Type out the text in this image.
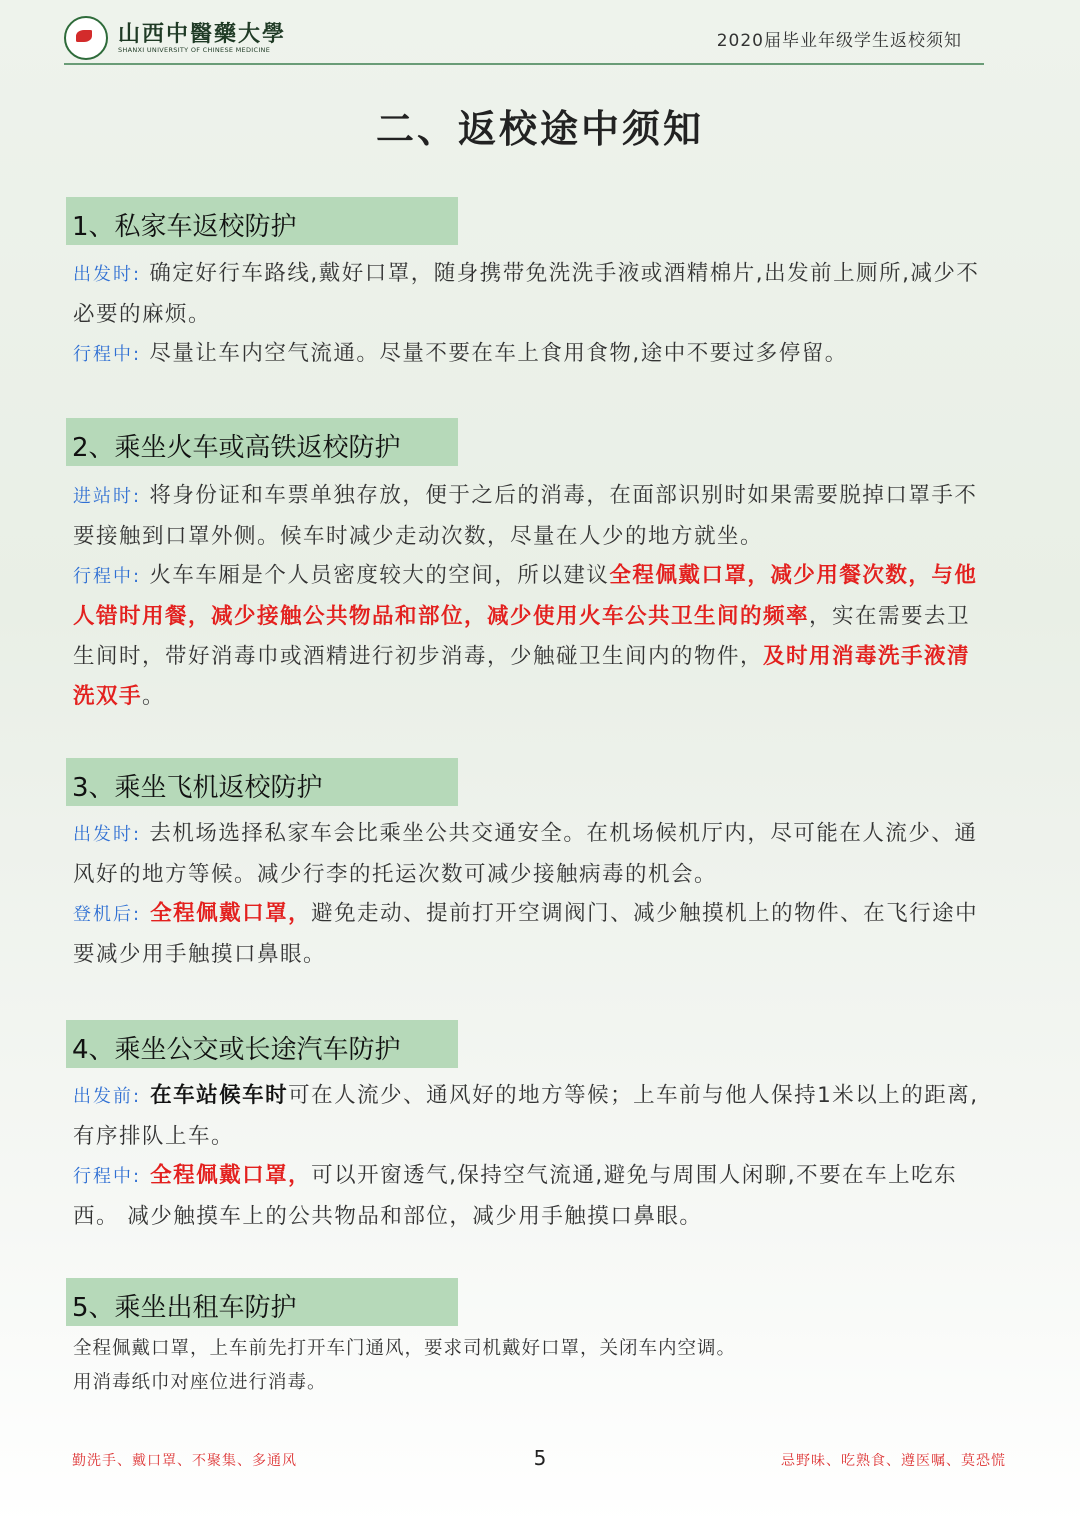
山西中醫藥大學
SHANXI UNIVERSITY OF CHINESE MEDICINE	2020届毕业年级学生返校须知
二、返校途中须知
1、私家车返校防护
出发时: 确定好行车路线,戴好口罩，随身携带免洗洗手液或酒精棉片,出发前上厕所,减少不必要的麻烦。
行程中: 尽量让车内空气流通。尽量不要在车上食用食物,途中不要过多停留。
2、乘坐火车或高铁返校防护
进站时: 将身份证和车票单独存放，便于之后的消毒，在面部识别时如果需要脱掉口罩手不要接触到口罩外侧。候车时减少走动次数，尽量在人少的地方就坐。
行程中: 火车车厢是个人员密度较大的空间，所以建议全程佩戴口罩，减少用餐次数，与他人错时用餐，减少接触公共物品和部位，减少使用火车公共卫生间的频率，实在需要去卫生间时，带好消毒巾或酒精进行初步消毒，少触碰卫生间内的物件，及时用消毒洗手液清洗双手。
3、乘坐飞机返校防护
出发时: 去机场选择私家车会比乘坐公共交通安全。在机场候机厅内，尽可能在人流少、通风好的地方等候。减少行李的托运次数可减少接触病毒的机会。
登机后: 全程佩戴口罩，避免走动、提前打开空调阀门、减少触摸机上的物件、在飞行途中要减少用手触摸口鼻眼。
4、乘坐公交或长途汽车防护
出发前: 在车站候车时可在人流少、通风好的地方等候；上车前与他人保持1米以上的距离,有序排队上车。
行程中: 全程佩戴口罩，可以开窗透气,保持空气流通,避免与周围人闲聊,不要在车上吃东西。 减少触摸车上的公共物品和部位，减少用手触摸口鼻眼。
5、乘坐出租车防护
全程佩戴口罩，上车前先打开车门通风，要求司机戴好口罩，关闭车内空调。
用消毒纸巾对座位进行消毒。
勤洗手、戴口罩、不聚集、多通风	5	忌野味、吃熟食、遵医嘱、莫恐慌
